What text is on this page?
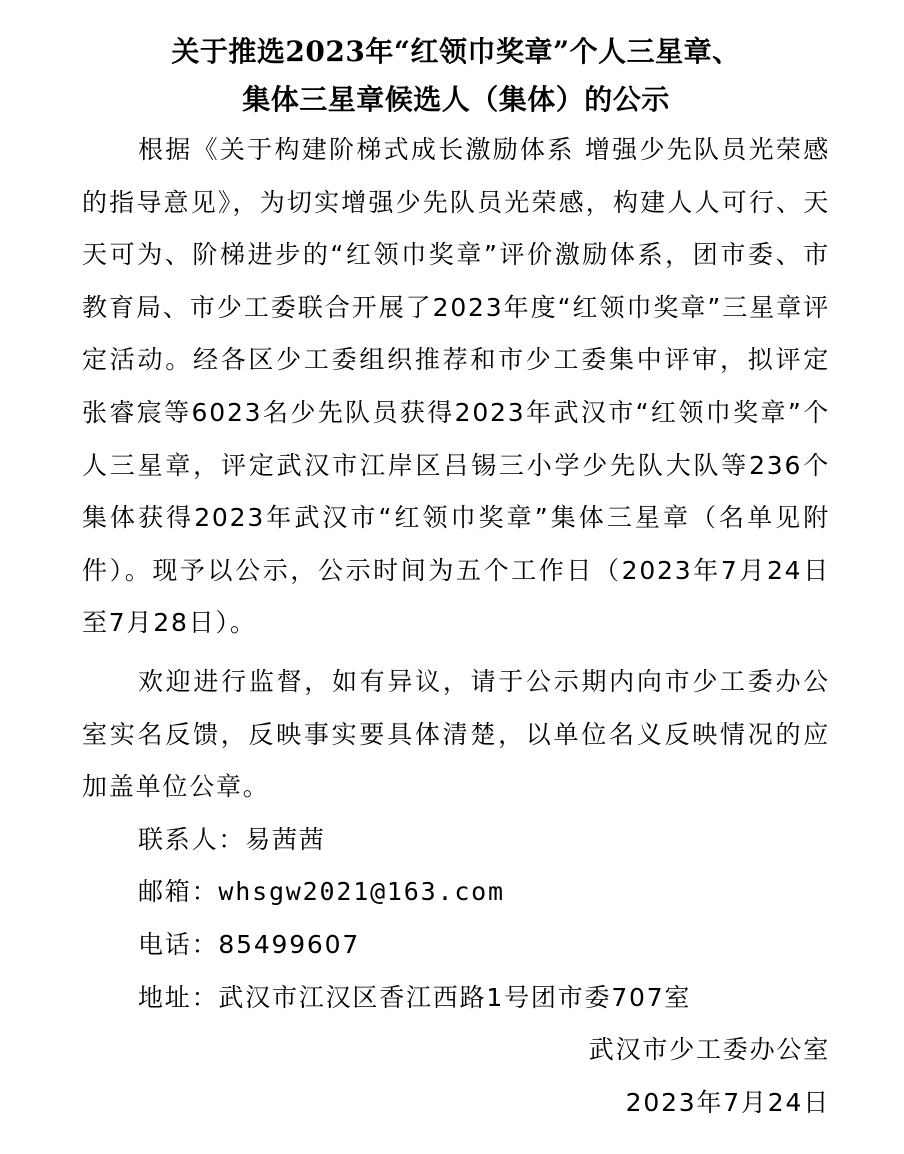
关于推选2023年“红领巾奖章”个人三星章、
集体三星章候选人（集体）的公示

根据《关于构建阶梯式成长激励体系 增强少先队员光荣感的指导意见》，为切实增强少先队员光荣感，构建人人可行、天天可为、阶梯进步的“红领巾奖章”评价激励体系，团市委、市教育局、市少工委联合开展了2023年度“红领巾奖章”三星章评定活动。经各区少工委组织推荐和市少工委集中评审，拟评定张睿宸等6023名少先队员获得2023年武汉市“红领巾奖章”个人三星章，评定武汉市江岸区吕锡三小学少先队大队等236个集体获得2023年武汉市“红领巾奖章”集体三星章（名单见附件）。现予以公示，公示时间为五个工作日（2023年7月24日至7月28日）。

欢迎进行监督，如有异议，请于公示期内向市少工委办公室实名反馈，反映事实要具体清楚，以单位名义反映情况的应加盖单位公章。

联系人：易茜茜

邮箱：whsgw2021@163.com

电话：85499607

地址：武汉市江汉区香江西路1号团市委707室

武汉市少工委办公室

2023年7月24日
